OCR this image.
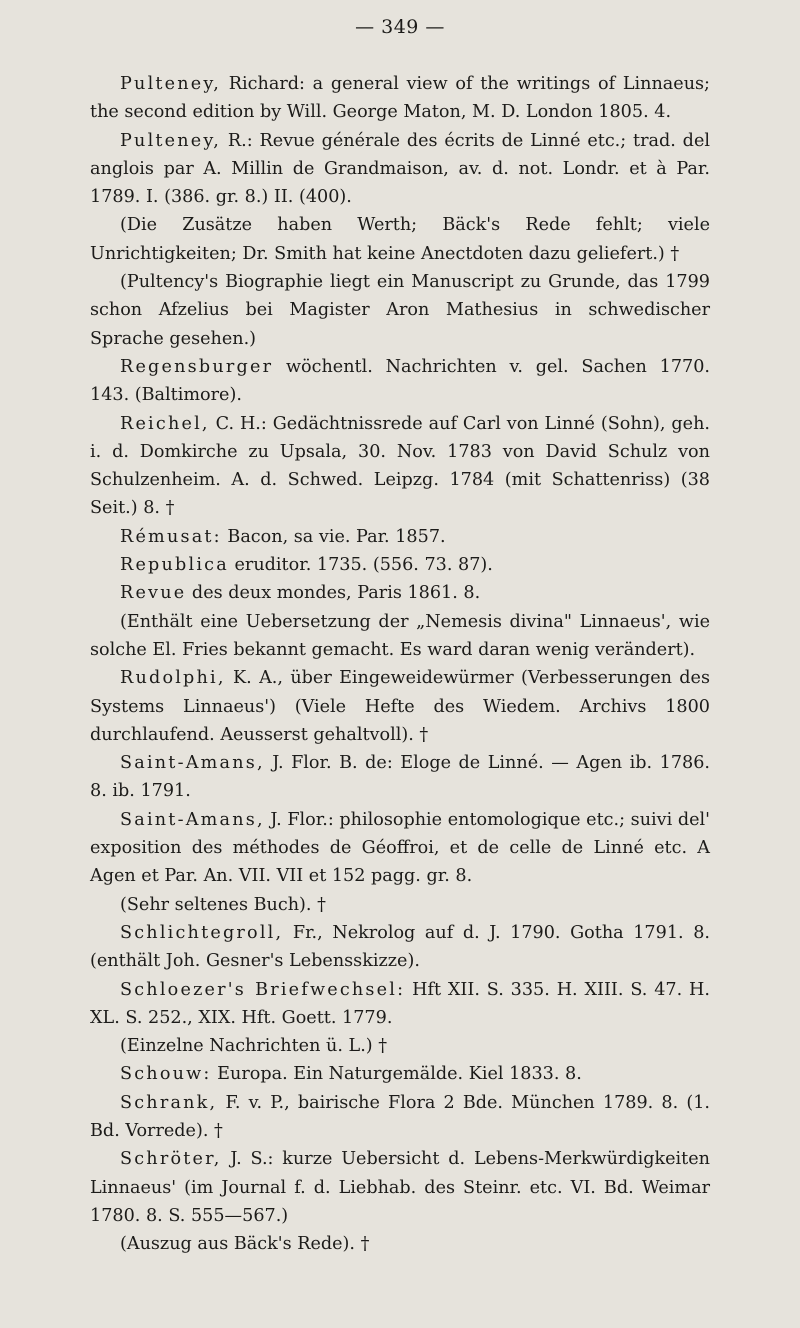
— 349 —

Pulteney, Richard: a general view of the writings of Linnaeus; the second edition by Will. George Maton, M. D. London 1805. 4.

Pulteney, R.: Revue générale des écrits de Linné etc.; trad. del anglois par A. Millin de Grandmaison, av. d. not. Londr. et à Par. 1789. I. (386. gr. 8.) II. (400).

(Die Zusätze haben Werth; Bäck's Rede fehlt; viele Unrichtigkeiten; Dr. Smith hat keine Anectdoten dazu geliefert.) †

(Pultency's Biographie liegt ein Manuscript zu Grunde, das 1799 schon Afzelius bei Magister Aron Mathesius in schwedischer Sprache gesehen.)

Regensburger wöchentl. Nachrichten v. gel. Sachen 1770. 143. (Baltimore).

Reichel, C. H.: Gedächtnissrede auf Carl von Linné (Sohn), geh. i. d. Domkirche zu Upsala, 30. Nov. 1783 von David Schulz von Schulzenheim. A. d. Schwed. Leipzg. 1784 (mit Schattenriss) (38 Seit.) 8. †

Rémusat: Bacon, sa vie. Par. 1857.

Republica eruditor. 1735. (556. 73. 87).

Revue des deux mondes, Paris 1861. 8.

(Enthält eine Uebersetzung der „Nemesis divina" Linnaeus', wie solche El. Fries bekannt gemacht. Es ward daran wenig verändert).

Rudolphi, K. A., über Eingeweidewürmer (Verbesserungen des Systems Linnaeus') (Viele Hefte des Wiedem. Archivs 1800 durchlaufend. Aeusserst gehaltvoll). †

Saint-Amans, J. Flor. B. de: Eloge de Linné. — Agen ib. 1786. 8. ib. 1791.

Saint-Amans, J. Flor.: philosophie entomologique etc.; suivi del' exposition des méthodes de Géoffroi, et de celle de Linné etc. A Agen et Par. An. VII. VII et 152 pagg. gr. 8.

(Sehr seltenes Buch). †

Schlichtegroll, Fr., Nekrolog auf d. J. 1790. Gotha 1791. 8. (enthält Joh. Gesner's Lebensskizze).

Schloezer's Briefwechsel: Hft XII. S. 335. H. XIII. S. 47. H. XL. S. 252., XIX. Hft. Goett. 1779.

(Einzelne Nachrichten ü. L.) †

Schouw: Europa. Ein Naturgemälde. Kiel 1833. 8.

Schrank, F. v. P., bairische Flora 2 Bde. München 1789. 8. (1. Bd. Vorrede). †

Schröter, J. S.: kurze Uebersicht d. Lebens-Merkwürdigkeiten Linnaeus' (im Journal f. d. Liebhab. des Steinr. etc. VI. Bd. Weimar 1780. 8. S. 555—567.)

(Auszug aus Bäck's Rede). †
